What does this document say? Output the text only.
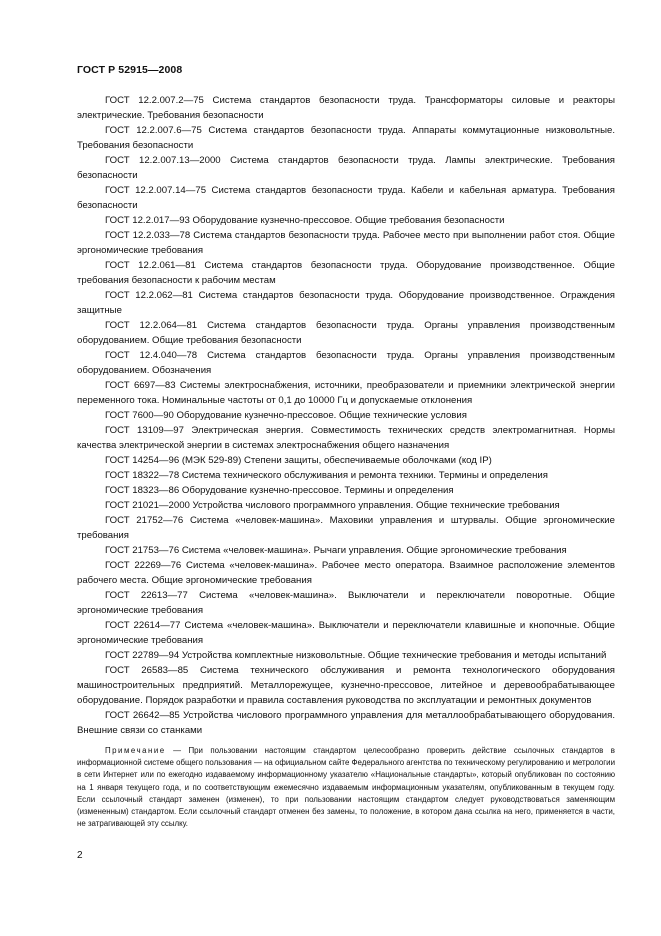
ГОСТ Р 52915—2008
ГОСТ 12.2.007.2—75 Система стандартов безопасности труда. Трансформаторы силовые и реакторы электрические. Требования безопасности
ГОСТ 12.2.007.6—75 Система стандартов безопасности труда. Аппараты коммутационные низковольтные. Требования безопасности
ГОСТ 12.2.007.13—2000 Система стандартов безопасности труда. Лампы электрические. Требования безопасности
ГОСТ 12.2.007.14—75 Система стандартов безопасности труда. Кабели и кабельная арматура. Требования безопасности
ГОСТ 12.2.017—93 Оборудование кузнечно-прессовое. Общие требования безопасности
ГОСТ 12.2.033—78 Система стандартов безопасности труда. Рабочее место при выполнении работ стоя. Общие эргономические требования
ГОСТ 12.2.061—81 Система стандартов безопасности труда. Оборудование производственное. Общие требования безопасности к рабочим местам
ГОСТ 12.2.062—81 Система стандартов безопасности труда. Оборудование производственное. Ограждения защитные
ГОСТ 12.2.064—81 Система стандартов безопасности труда. Органы управления производственным оборудованием. Общие требования безопасности
ГОСТ 12.4.040—78 Система стандартов безопасности труда. Органы управления производственным оборудованием. Обозначения
ГОСТ 6697—83 Системы электроснабжения, источники, преобразователи и приемники электрической энергии переменного тока. Номинальные частоты от 0,1 до 10000 Гц и допускаемые отклонения
ГОСТ 7600—90 Оборудование кузнечно-прессовое. Общие технические условия
ГОСТ 13109—97 Электрическая энергия. Совместимость технических средств электромагнитная. Нормы качества электрической энергии в системах электроснабжения общего назначения
ГОСТ 14254—96 (МЭК 529-89) Степени защиты, обеспечиваемые оболочками (код IP)
ГОСТ 18322—78 Система технического обслуживания и ремонта техники. Термины и определения
ГОСТ 18323—86 Оборудование кузнечно-прессовое. Термины и определения
ГОСТ 21021—2000 Устройства числового программного управления. Общие технические требования
ГОСТ 21752—76 Система «человек-машина». Маховики управления и штурвалы. Общие эргономические требования
ГОСТ 21753—76 Система «человек-машина». Рычаги управления. Общие эргономические требования
ГОСТ 22269—76 Система «человек-машина». Рабочее место оператора. Взаимное расположение элементов рабочего места. Общие эргономические требования
ГОСТ 22613—77 Система «человек-машина». Выключатели и переключатели поворотные. Общие эргономические требования
ГОСТ 22614—77 Система «человек-машина». Выключатели и переключатели клавишные и кнопочные. Общие эргономические требования
ГОСТ 22789—94 Устройства комплектные низковольтные. Общие технические требования и методы испытаний
ГОСТ 26583—85 Система технического обслуживания и ремонта технологического оборудования машиностроительных предприятий. Металлорежущее, кузнечно-прессовое, литейное и деревообрабатывающее оборудование. Порядок разработки и правила составления руководства по эксплуатации и ремонтных документов
ГОСТ 26642—85 Устройства числового программного управления для металлообрабатывающего оборудования. Внешние связи со станками

Примечание — При пользовании настоящим стандартом целесообразно проверить действие ссылочных стандартов в информационной системе общего пользования — на официальном сайте Федерального агентства по техническому регулированию и метрологии в сети Интернет или по ежегодно издаваемому информационному указателю «Национальные стандарты», который опубликован по состоянию на 1 января текущего года, и по соответствующим ежемесячно издаваемым информационным указателям, опубликованным в текущем году. Если ссылочный стандарт заменен (изменен), то при пользовании настоящим стандартом следует руководствоваться заменяющим (измененным) стандартом. Если ссылочный стандарт отменен без замены, то положение, в котором дана ссылка на него, применяется в части, не затрагивающей эту ссылку.

2
